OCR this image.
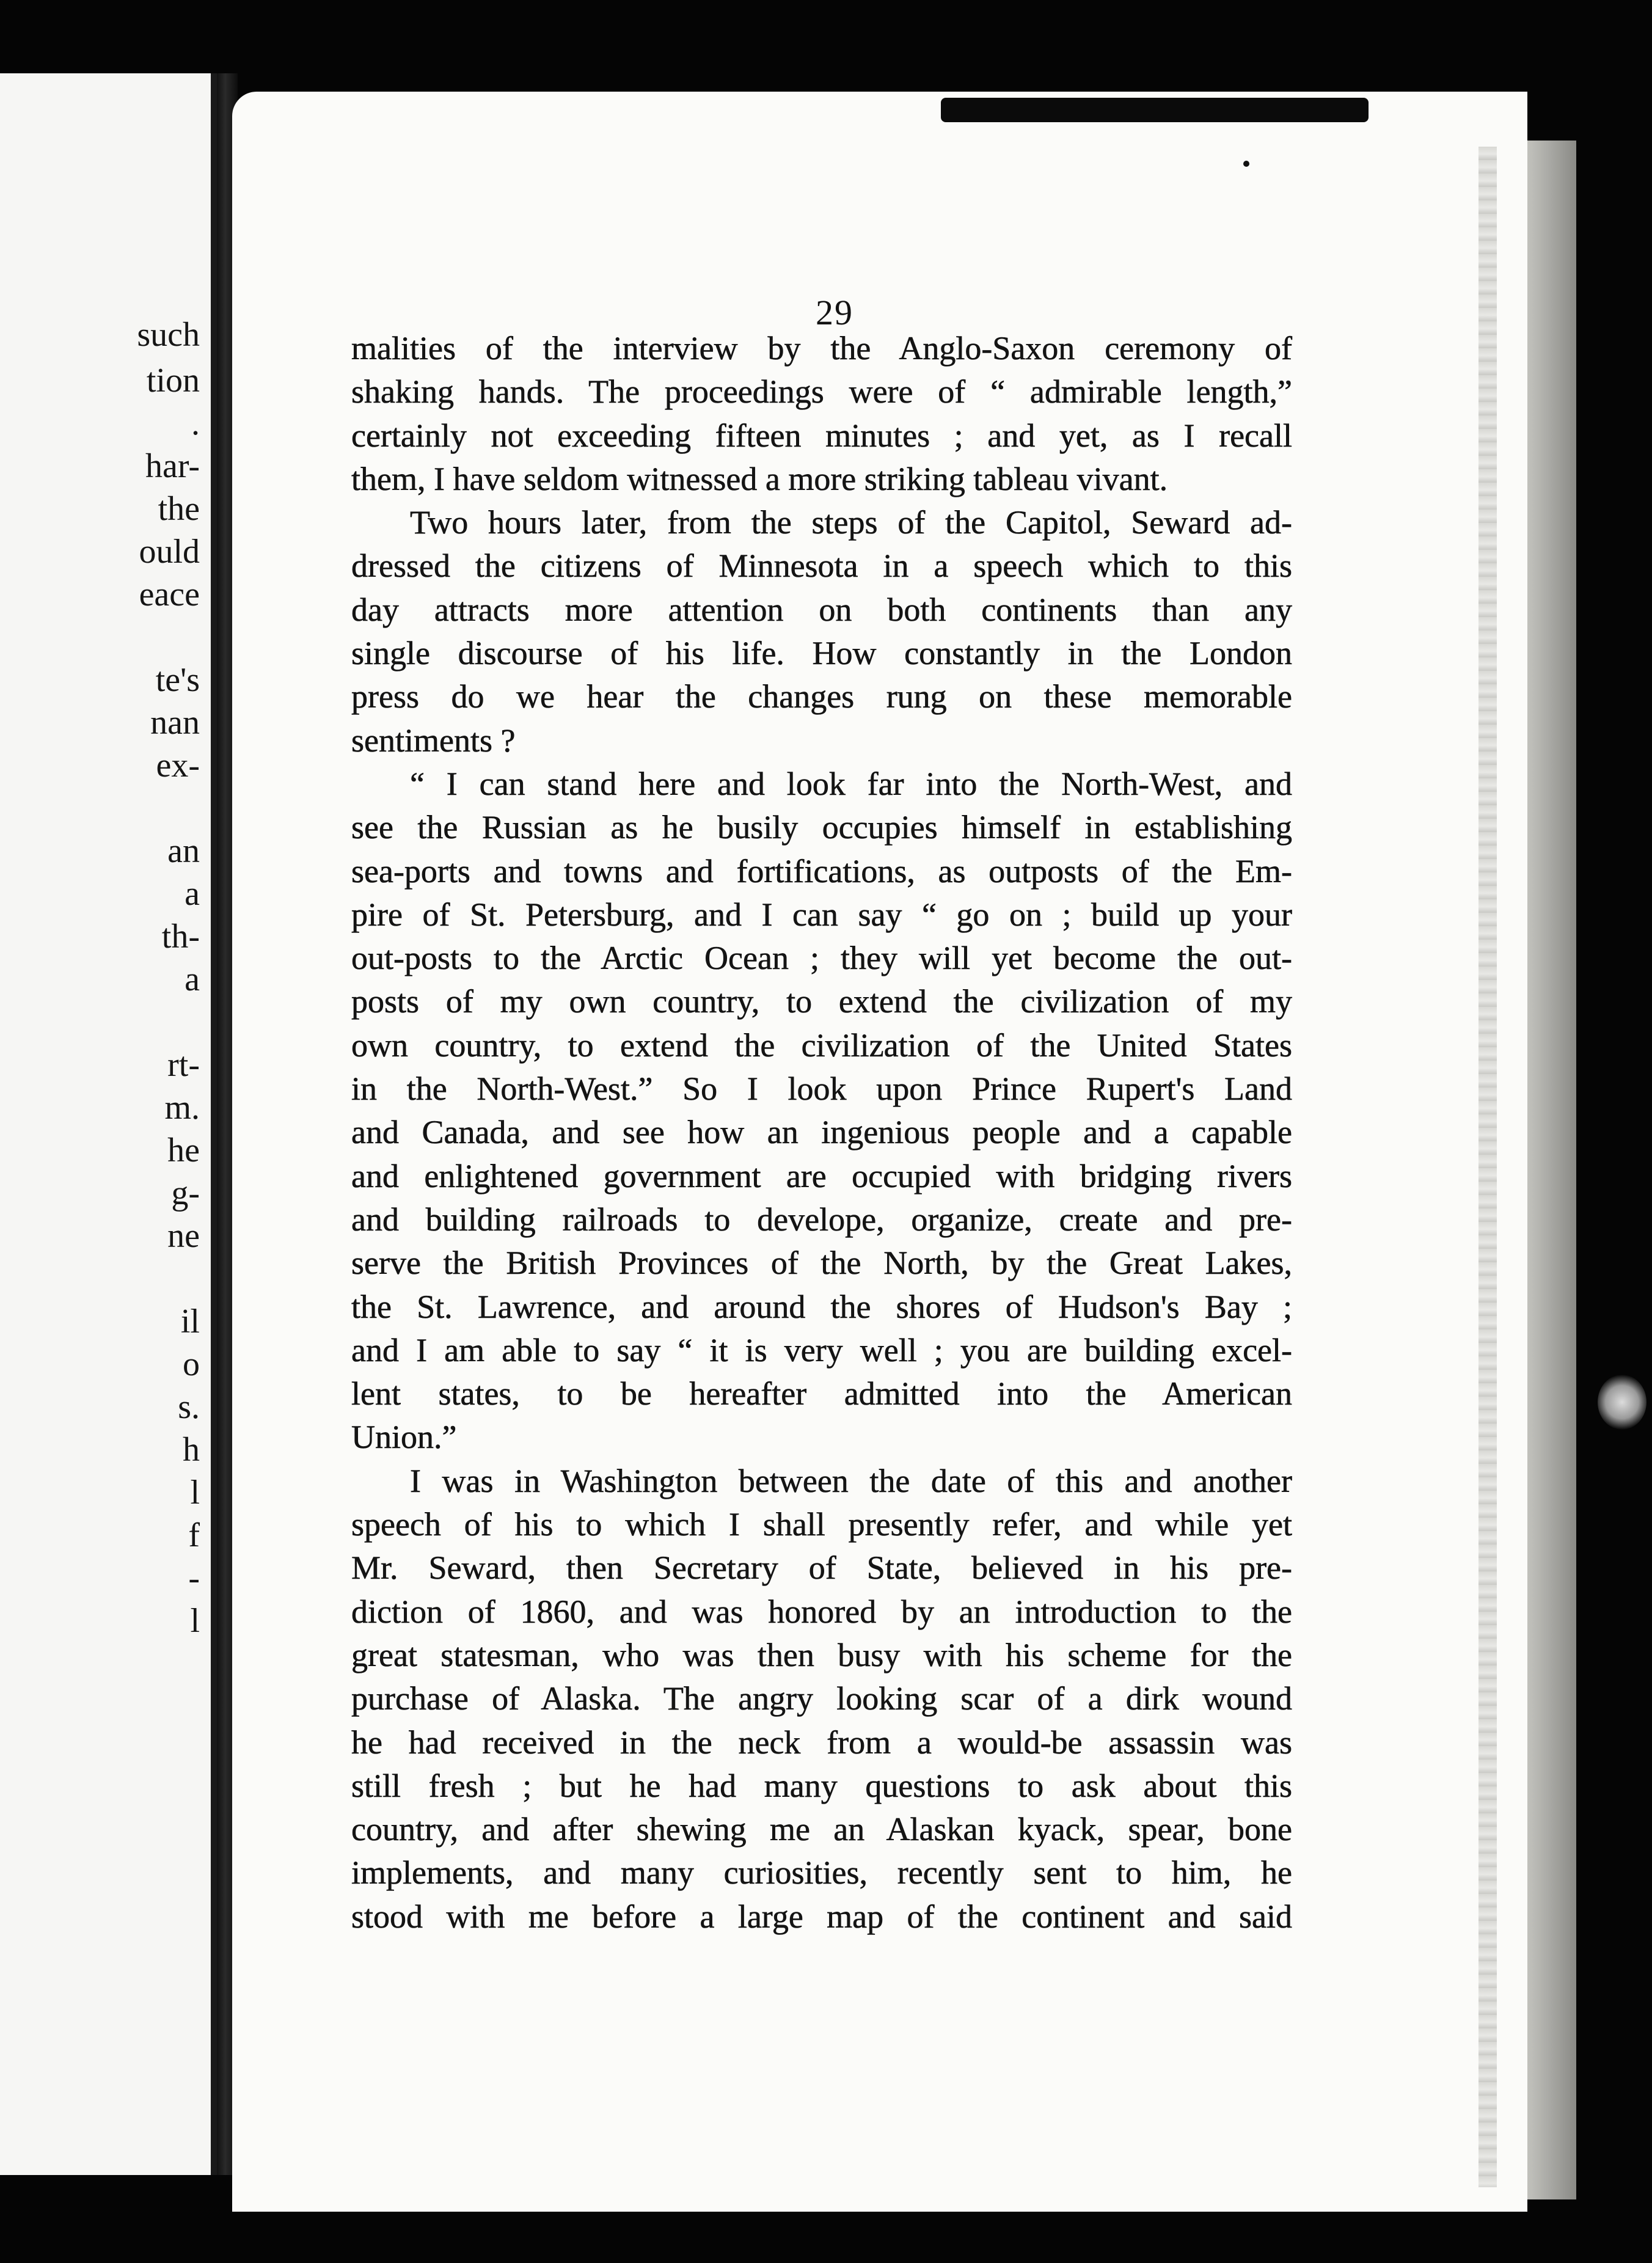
such
tion
.
har-
the
ould
eace
te's
nan
ex-
an
a
th-
a
rt-
m.
he
g-
ne
il
o
s.
h
l
f
-
l
29
malities of the interview by the Anglo-Saxon ceremony of
shaking hands. The proceedings were of “ admirable length,”
certainly not exceeding fifteen minutes ; and yet, as I recall
them, I have seldom witnessed a more striking tableau vivant.
Two hours later, from the steps of the Capitol, Seward ad-
dressed the citizens of Minnesota in a speech which to this
day attracts more attention on both continents than any
single discourse of his life. How constantly in the London
press do we hear the changes rung on these memorable
sentiments ?
“ I can stand here and look far into the North-West, and
see the Russian as he busily occupies himself in establishing
sea-ports and towns and fortifications, as outposts of the Em-
pire of St. Petersburg, and I can say “ go on ; build up your
out-posts to the Arctic Ocean ; they will yet become the out-
posts of my own country, to extend the civilization of my
own country, to extend the civilization of the United States
in the North-West.” So I look upon Prince Rupert's Land
and Canada, and see how an ingenious people and a capable
and enlightened government are occupied with bridging rivers
and building railroads to develope, organize, create and pre-
serve the British Provinces of the North, by the Great Lakes,
the St. Lawrence, and around the shores of Hudson's Bay ;
and I am able to say “ it is very well ; you are building excel-
lent states, to be hereafter admitted into the American
Union.”
I was in Washington between the date of this and another
speech of his to which I shall presently refer, and while yet
Mr. Seward, then Secretary of State, believed in his pre-
diction of 1860, and was honored by an introduction to the
great statesman, who was then busy with his scheme for the
purchase of Alaska. The angry looking scar of a dirk wound
he had received in the neck from a would-be assassin was
still fresh ; but he had many questions to ask about this
country, and after shewing me an Alaskan kyack, spear, bone
implements, and many curiosities, recently sent to him, he
stood with me before a large map of the continent and said
